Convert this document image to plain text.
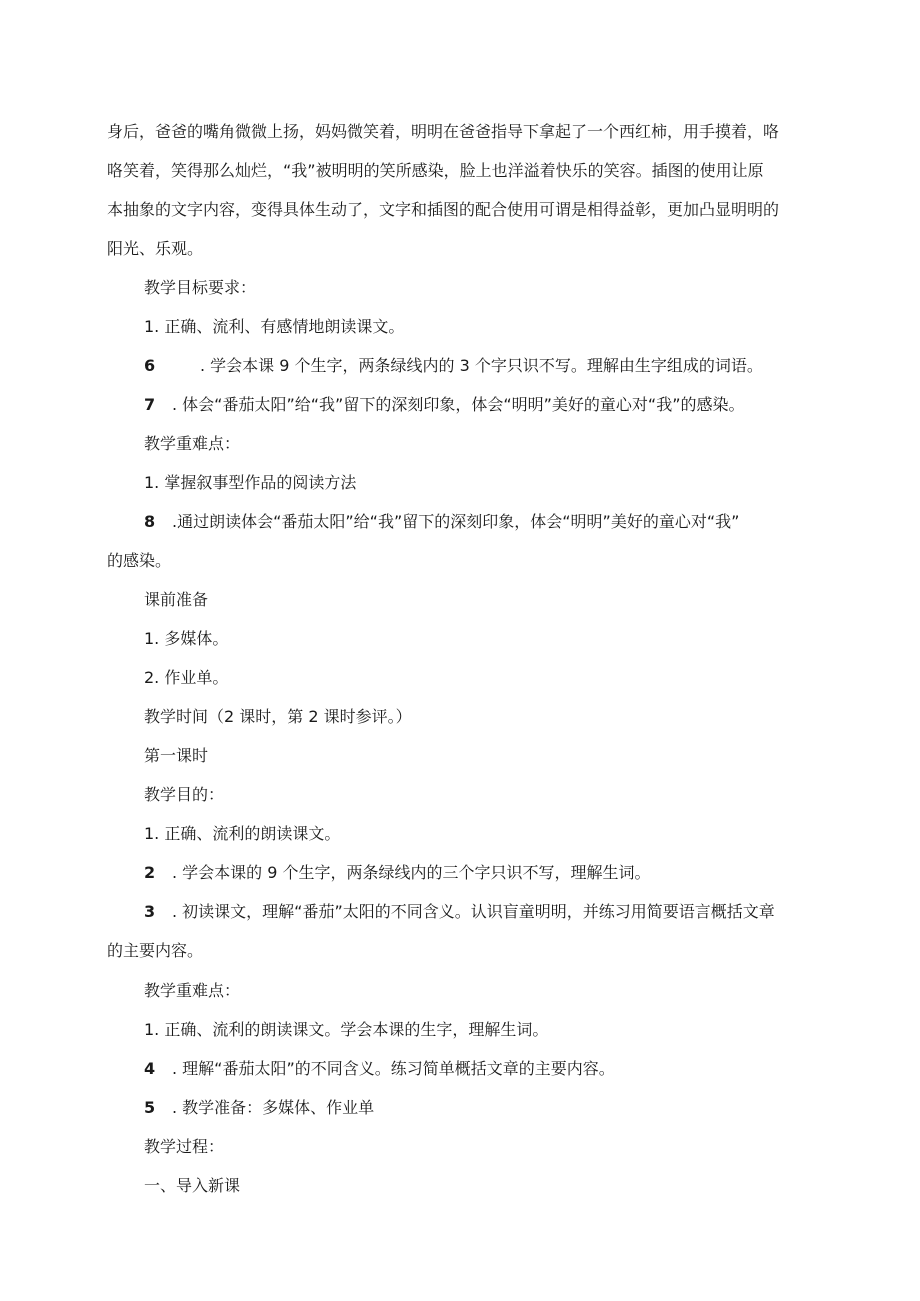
身后，爸爸的嘴角微微上扬，妈妈微笑着，明明在爸爸指导下拿起了一个西红柿，用手摸着，咯
咯笑着，笑得那么灿烂，“我”被明明的笑所感染，脸上也洋溢着快乐的笑容。插图的使用让原
本抽象的文字内容，变得具体生动了，文字和插图的配合使用可谓是相得益彰，更加凸显明明的
阳光、乐观。

教学目标要求：

1. 正确、流利、有感情地朗读课文。

6	. 学会本课 9 个生字，两条绿线内的 3 个字只识不写。理解由生字组成的词语。

7 . 体会“番茄太阳”给“我”留下的深刻印象，体会“明明”美好的童心对“我”的感染。

教学重难点：

1. 掌握叙事型作品的阅读方法

8 .通过朗读体会“番茄太阳”给“我”留下的深刻印象，体会“明明”美好的童心对“我”
的感染。

课前准备

1. 多媒体。

2. 作业单。

教学时间（2 课时，第 2 课时参评。）

第一课时

教学目的：

1. 正确、流利的朗读课文。

2 . 学会本课的 9 个生字，两条绿线内的三个字只识不写，理解生词。

3 . 初读课文，理解“番茄”太阳的不同含义。认识盲童明明，并练习用简要语言概括文章
的主要内容。

教学重难点：

1. 正确、流利的朗读课文。学会本课的生字，理解生词。

4 . 理解“番茄太阳”的不同含义。练习简单概括文章的主要内容。

5 . 教学准备：多媒体、作业单

教学过程：

一、导入新课
